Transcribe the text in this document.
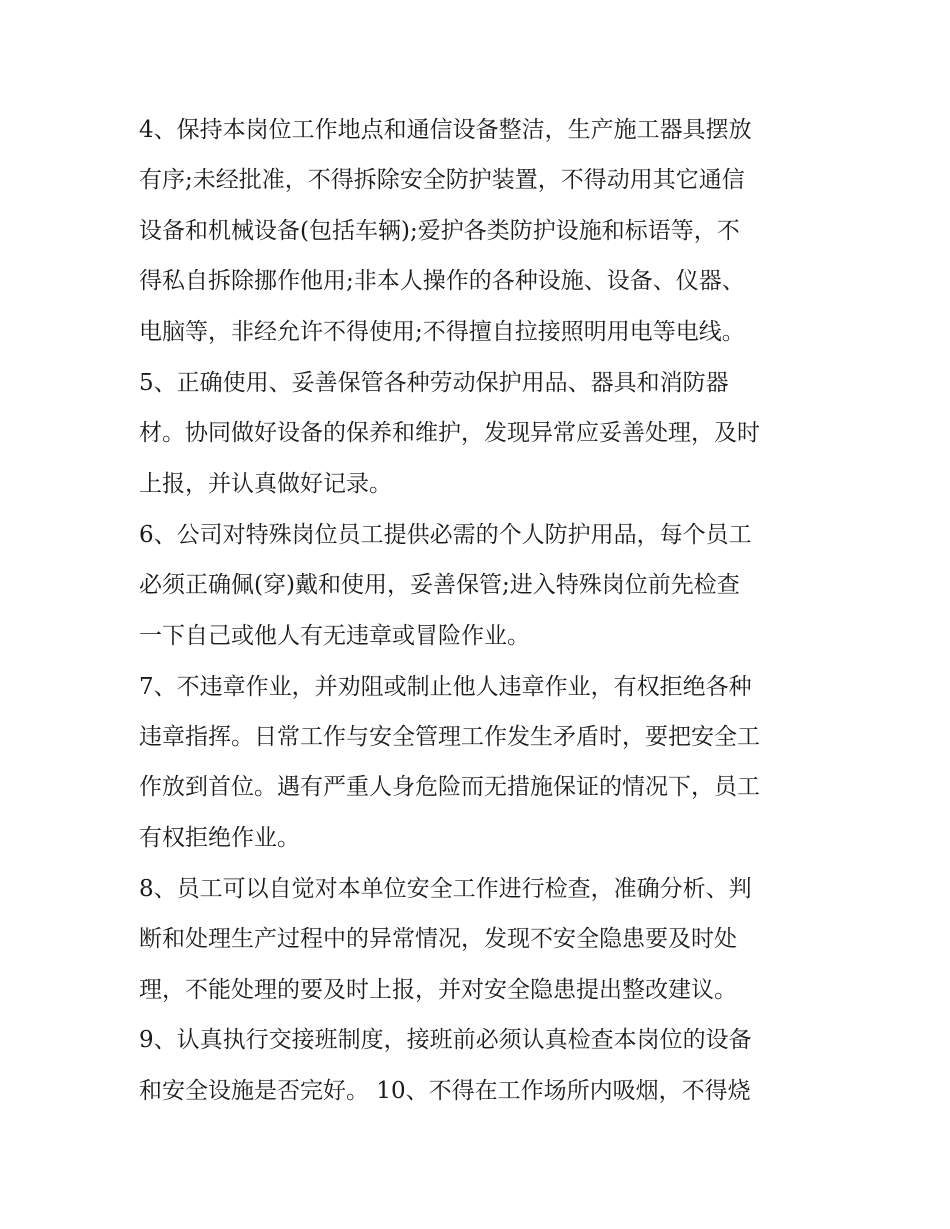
4、保持本岗位工作地点和通信设备整洁，生产施工器具摆放
有序;未经批准，不得拆除安全防护装置，不得动用其它通信
设备和机械设备(包括车辆);爱护各类防护设施和标语等，不
得私自拆除挪作他用;非本人操作的各种设施、设备、仪器、
电脑等，非经允许不得使用;不得擅自拉接照明用电等电线。
5、正确使用、妥善保管各种劳动保护用品、器具和消防器
材。协同做好设备的保养和维护，发现异常应妥善处理，及时
上报，并认真做好记录。
6、公司对特殊岗位员工提供必需的个人防护用品，每个员工
必须正确佩(穿)戴和使用，妥善保管;进入特殊岗位前先检查
一下自己或他人有无违章或冒险作业。
7、不违章作业，并劝阻或制止他人违章作业，有权拒绝各种
违章指挥。日常工作与安全管理工作发生矛盾时，要把安全工
作放到首位。遇有严重人身危险而无措施保证的情况下，员工
有权拒绝作业。
8、员工可以自觉对本单位安全工作进行检查，准确分析、判
断和处理生产过程中的异常情况，发现不安全隐患要及时处
理，不能处理的要及时上报，并对安全隐患提出整改建议。
9、认真执行交接班制度，接班前必须认真检查本岗位的设备
和安全设施是否完好。 10、不得在工作场所内吸烟，不得烧
